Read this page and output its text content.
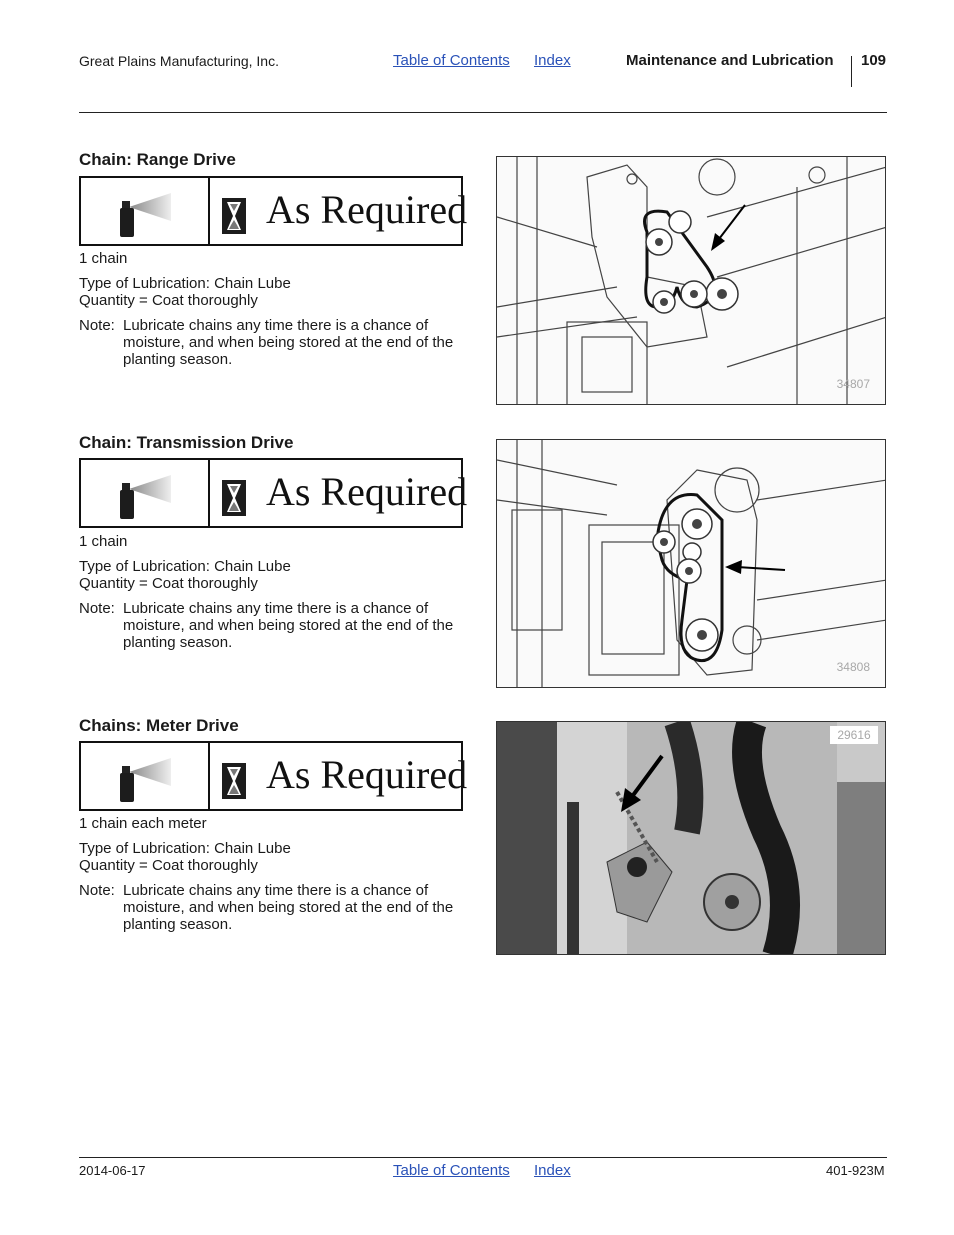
Great Plains Manufacturing, Inc.	Table of Contents Index	Maintenance and Lubrication 109
Chain: Range Drive
As Required
1 chain
Type of Lubrication: Chain Lube
Quantity = Coat thoroughly
Note: Lubricate chains any time there is a chance of moisture, and when being stored at the end of the planting season.
34807
Chain: Transmission Drive
As Required
1 chain
Type of Lubrication: Chain Lube
Quantity = Coat thoroughly
Note: Lubricate chains any time there is a chance of moisture, and when being stored at the end of the planting season.
34808
Chains: Meter Drive
As Required
1 chain each meter
Type of Lubrication: Chain Lube
Quantity = Coat thoroughly
Note: Lubricate chains any time there is a chance of moisture, and when being stored at the end of the planting season.
29616
2014-06-17	Table of Contents Index	401-923M
